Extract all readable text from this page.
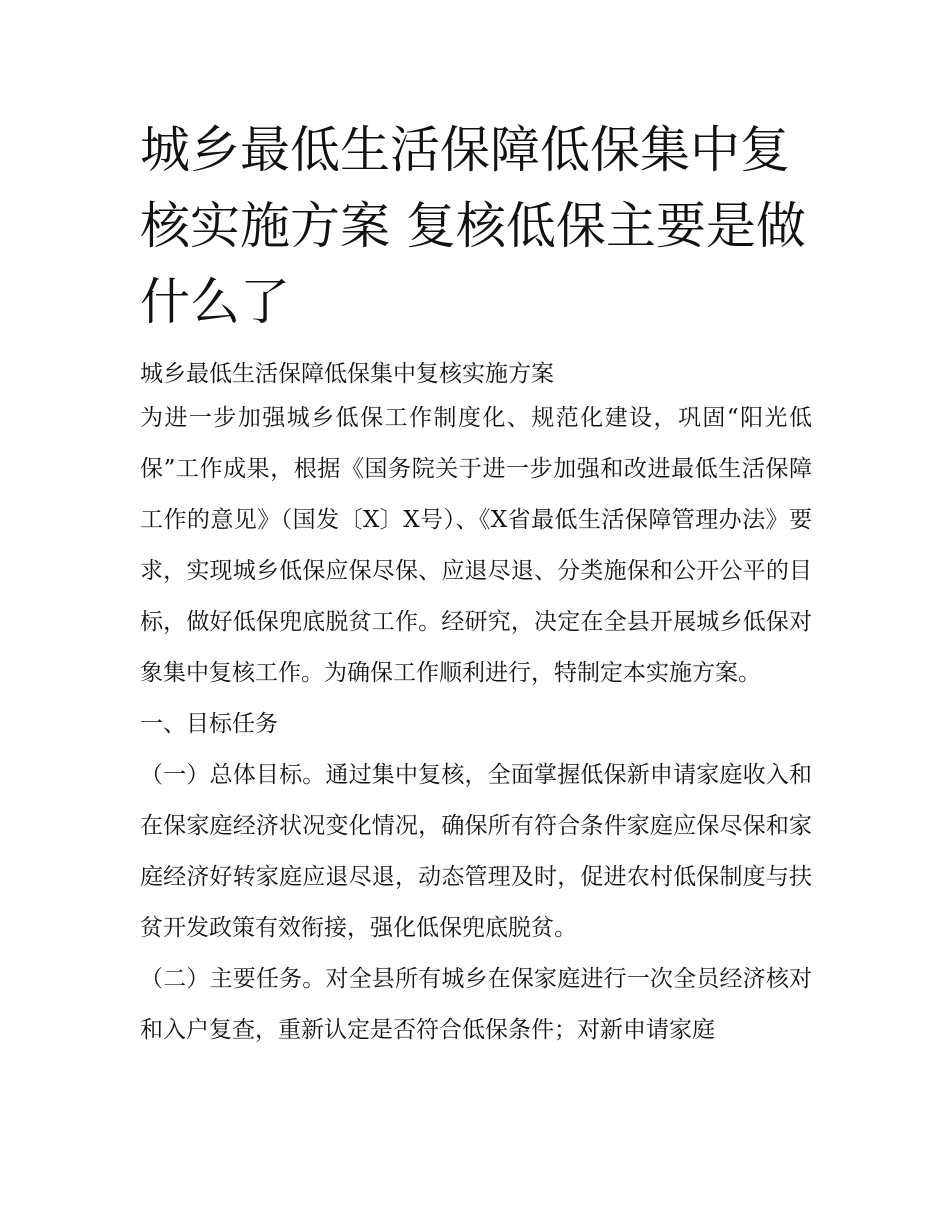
城乡最低生活保障低保集中复核实施方案 复核低保主要是做什么了

城乡最低生活保障低保集中复核实施方案

为进一步加强城乡低保工作制度化、规范化建设，巩固“阳光低保”工作成果，根据《国务院关于进一步加强和改进最低生活保障工作的意见》（国发〔X〕X号）、《X省最低生活保障管理办法》要求，实现城乡低保应保尽保、应退尽退、分类施保和公开公平的目标，做好低保兜底脱贫工作。经研究，决定在全县开展城乡低保对象集中复核工作。为确保工作顺利进行，特制定本实施方案。

一、目标任务

（一）总体目标。通过集中复核，全面掌握低保新申请家庭收入和在保家庭经济状况变化情况，确保所有符合条件家庭应保尽保和家庭经济好转家庭应退尽退，动态管理及时，促进农村低保制度与扶贫开发政策有效衔接，强化低保兜底脱贫。

（二）主要任务。对全县所有城乡在保家庭进行一次全员经济核对和入户复查，重新认定是否符合低保条件；对新申请家庭
